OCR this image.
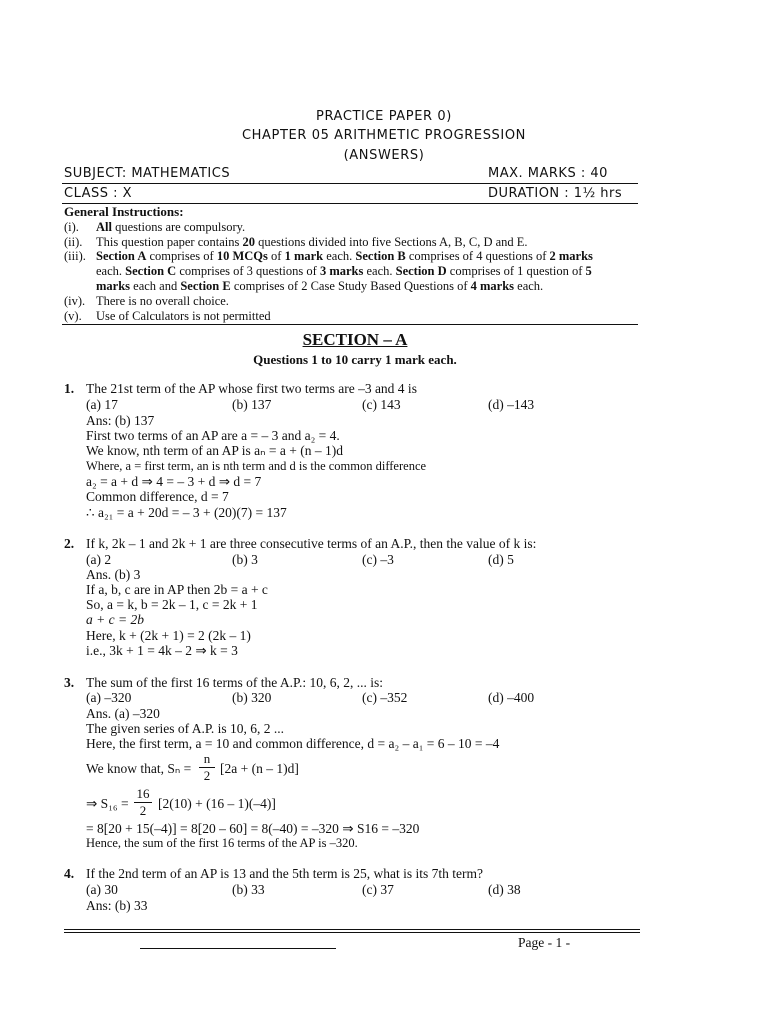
PRACTICE PAPER 0)
CHAPTER 05 ARITHMETIC PROGRESSION
(ANSWERS)
SUBJECT: MATHEMATICS	MAX. MARKS : 40
CLASS : X	DURATION : 1½ hrs
General Instructions:
(i). All questions are compulsory.
(ii). This question paper contains 20 questions divided into five Sections A, B, C, D and E.
(iii). Section A comprises of 10 MCQs of 1 mark each. Section B comprises of 4 questions of 2 marks
each. Section C comprises of 3 questions of 3 marks each. Section D comprises of 1 question of 5
marks each and Section E comprises of 2 Case Study Based Questions of 4 marks each.
(iv). There is no overall choice.
(v). Use of Calculators is not permitted
SECTION – A
Questions 1 to 10 carry 1 mark each.
1. The 21st term of the AP whose first two terms are –3 and 4 is
(a) 17	(b) 137	(c) 143	(d) –143
Ans: (b) 137
First two terms of an AP are a = – 3 and a₂ = 4.
We know, nth term of an AP is aₙ = a + (n – 1)d
Where, a = first term, an is nth term and d is the common difference
a₂ = a + d ⇒ 4 = – 3 + d ⇒ d = 7
Common difference, d = 7
∴ a₂₁ = a + 20d = – 3 + (20)(7) = 137
2. If k, 2k – 1 and 2k + 1 are three consecutive terms of an A.P., then the value of k is:
(a) 2	(b) 3	(c) –3	(d) 5
Ans. (b) 3
If a, b, c are in AP then 2b = a + c
So, a = k, b = 2k – 1, c = 2k + 1
a + c = 2b
Here, k + (2k + 1) = 2 (2k – 1)
i.e., 3k + 1 = 4k – 2 ⇒ k = 3
3. The sum of the first 16 terms of the A.P.: 10, 6, 2, ... is:
(a) –320	(b) 320	(c) –352	(d) –400
Ans. (a) –320
The given series of A.P. is 10, 6, 2 ...
Here, the first term, a = 10 and common difference, d = a₂ – a₁ = 6 – 10 = –4
We know that, Sₙ =
n
2 [2a + (n – 1)d]
⇒ S₁₆ =
16
2 [2(10) + (16 – 1)(–4)]
= 8[20 + 15(–4)] = 8[20 – 60] = 8(–40) = –320 ⇒ S16 = –320
Hence, the sum of the first 16 terms of the AP is –320.
4. If the 2nd term of an AP is 13 and the 5th term is 25, what is its 7th term?
(a) 30	(b) 33	(c) 37	(d) 38
Ans: (b) 33
Page - 1 -
